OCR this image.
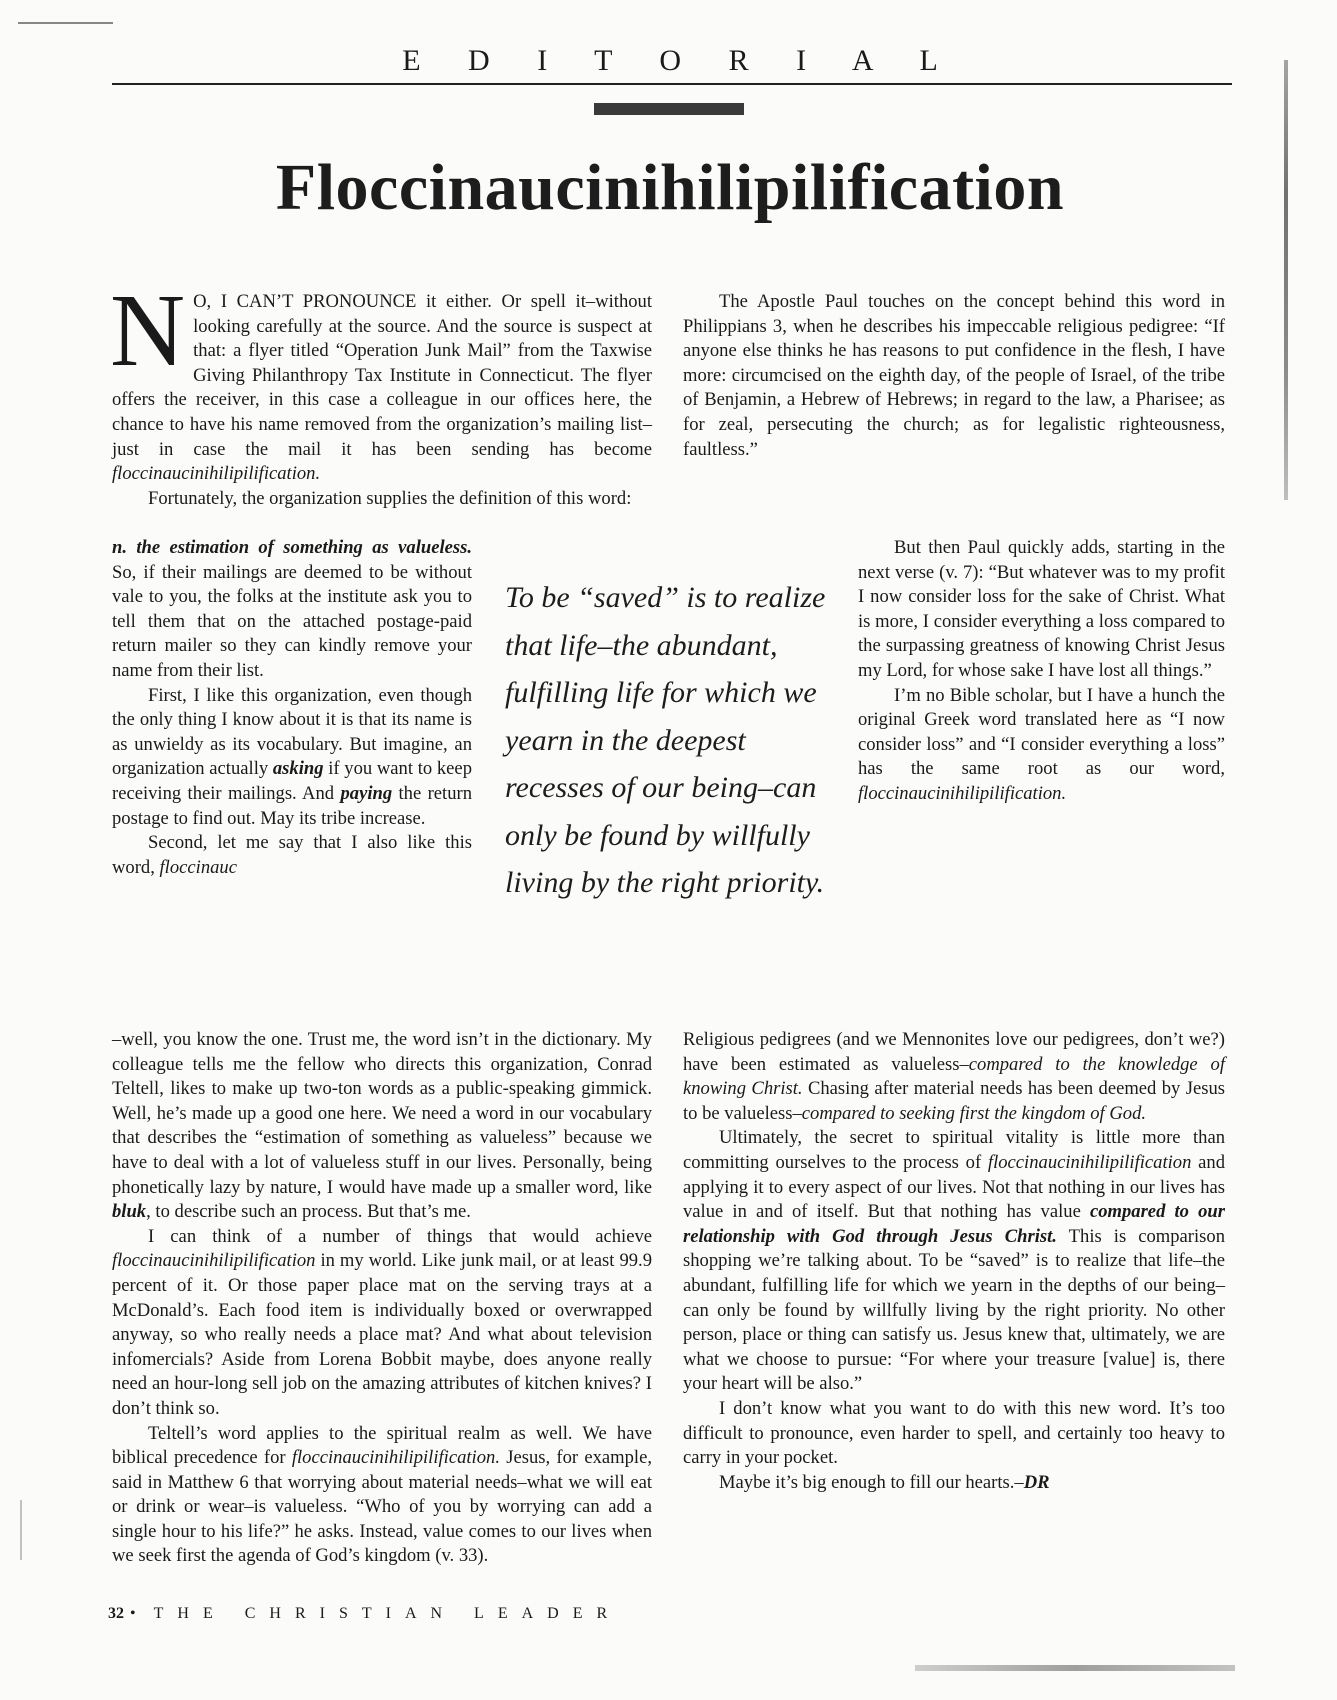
E D I T O R I A L
Floccinaucinihilipilification

N O, I CAN’T PRONOUNCE it either. Or spell it–without looking carefully at the source. And the source is suspect at that: a flyer titled “Operation Junk Mail” from the Taxwise Giving Philanthropy Tax Institute in Connecticut. The flyer offers the receiver, in this case a colleague in our offices here, the chance to have his name removed from the organization’s mailing list–just in case the mail it has been sending has become floccinaucinihilipilification.

Fortunately, the organization supplies the definition of this word:

n. the estimation of something as valueless. So, if their mailings are deemed to be without vale to you, the folks at the institute ask you to tell them that on the attached postage-paid return mailer so they can kindly remove your name from their list.

First, I like this organization, even though the only thing I know about it is that its name is as unwieldy as its vocabulary. But imagine, an organization actually asking if you want to keep receiving their mailings. And paying the return postage to find out. May its tribe increase.

Second, let me say that I also like this word, floccinauc

–well, you know the one. Trust me, the word isn’t in the dictionary. My colleague tells me the fellow who directs this organization, Conrad Teltell, likes to make up two-ton words as a public-speaking gimmick. Well, he’s made up a good one here. We need a word in our vocabulary that describes the “estimation of something as valueless” because we have to deal with a lot of valueless stuff in our lives. Personally, being phonetically lazy by nature, I would have made up a smaller word, like bluk, to describe such an process. But that’s me.

I can think of a number of things that would achieve floccinaucinihilipilification in my world. Like junk mail, or at least 99.9 percent of it. Or those paper place mat on the serving trays at a McDonald’s. Each food item is individually boxed or overwrapped anyway, so who really needs a place mat? And what about television infomercials? Aside from Lorena Bobbit maybe, does anyone really need an hour-long sell job on the amazing attributes of kitchen knives? I don’t think so.

Teltell’s word applies to the spiritual realm as well. We have biblical precedence for floccinaucinihilipilification. Jesus, for example, said in Matthew 6 that worrying about material needs–what we will eat or drink or wear–is valueless. “Who of you by worrying can add a single hour to his life?” he asks. Instead, value comes to our lives when we seek first the agenda of God’s kingdom (v. 33).

To be “saved” is to realize that life–the abundant, fulfilling life for which we yearn in the deepest recesses of our being–can only be found by willfully living by the right priority.

The Apostle Paul touches on the concept behind this word in Philippians 3, when he describes his impeccable religious pedigree: “If anyone else thinks he has reasons to put confidence in the flesh, I have more: circumcised on the eighth day, of the people of Israel, of the tribe of Benjamin, a Hebrew of Hebrews; in regard to the law, a Pharisee; as for zeal, persecuting the church; as for legalistic righteousness, faultless.”

But then Paul quickly adds, starting in the next verse (v. 7): “But whatever was to my profit I now consider loss for the sake of Christ. What is more, I consider everything a loss compared to the surpassing greatness of knowing Christ Jesus my Lord, for whose sake I have lost all things.”

I’m no Bible scholar, but I have a hunch the original Greek word translated here as “I now consider loss” and “I consider everything a loss” has the same root as our word, floccinaucinihilipilification.

Religious pedigrees (and we Mennonites love our pedigrees, don’t we?) have been estimated as valueless–compared to the knowledge of knowing Christ. Chasing after material needs has been deemed by Jesus to be valueless–compared to seeking first the kingdom of God.

Ultimately, the secret to spiritual vitality is little more than committing ourselves to the process of floccinaucinihilipilification and applying it to every aspect of our lives. Not that nothing in our lives has value in and of itself. But that nothing has value compared to our relationship with God through Jesus Christ. This is comparison shopping we’re talking about. To be “saved” is to realize that life–the abundant, fulfilling life for which we yearn in the depths of our being–can only be found by willfully living by the right priority. No other person, place or thing can satisfy us. Jesus knew that, ultimately, we are what we choose to pursue: “For where your treasure [value] is, there your heart will be also.”

I don’t know what you want to do with this new word. It’s too difficult to pronounce, even harder to spell, and certainly too heavy to carry in your pocket.

Maybe it’s big enough to fill our hearts.–DR

32 • THE CHRISTIAN LEADER
